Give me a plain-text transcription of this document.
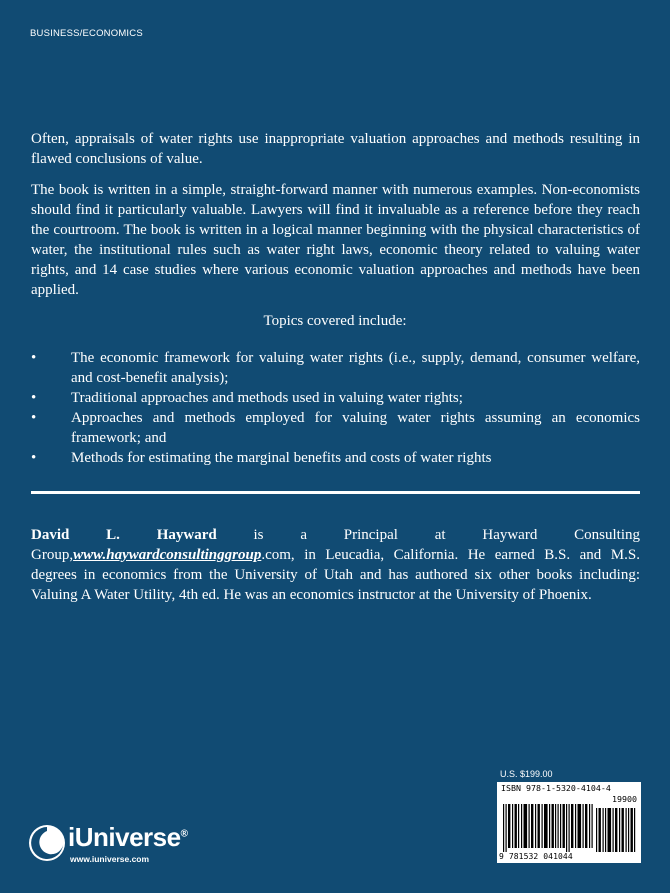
BUSINESS/ECONOMICS
Often, appraisals of water rights use inappropriate valuation approaches and methods resulting in flawed conclusions of value.
The book is written in a simple, straight-forward manner with numerous examples. Non-economists should find it particularly valuable. Lawyers will find it invaluable as a reference before they reach the courtroom. The book is written in a logical manner beginning with the physical characteristics of water, the institutional rules such as water right laws, economic theory related to valuing water rights, and 14 case studies where various economic valuation approaches and methods have been applied.
Topics covered include:
• The economic framework for valuing water rights (i.e., supply, demand, consumer welfare, and cost-benefit analysis);
• Traditional approaches and methods used in valuing water rights;
• Approaches and methods employed for valuing water rights assuming an economics framework; and
• Methods for estimating the marginal benefits and costs of water rights
David L. Hayward is a Principal at Hayward Consulting Group,www.haywardconsultinggroup.com, in Leucadia, California. He earned B.S. and M.S. degrees in economics from the University of Utah and has authored six other books including: Valuing A Water Utility, 4th ed. He was an economics instructor at the University of Phoenix.
U.S. $199.00
ISBN 978-1-5320-4104-4
19900
9 781532 041044
iUniverse®
www.iuniverse.com
